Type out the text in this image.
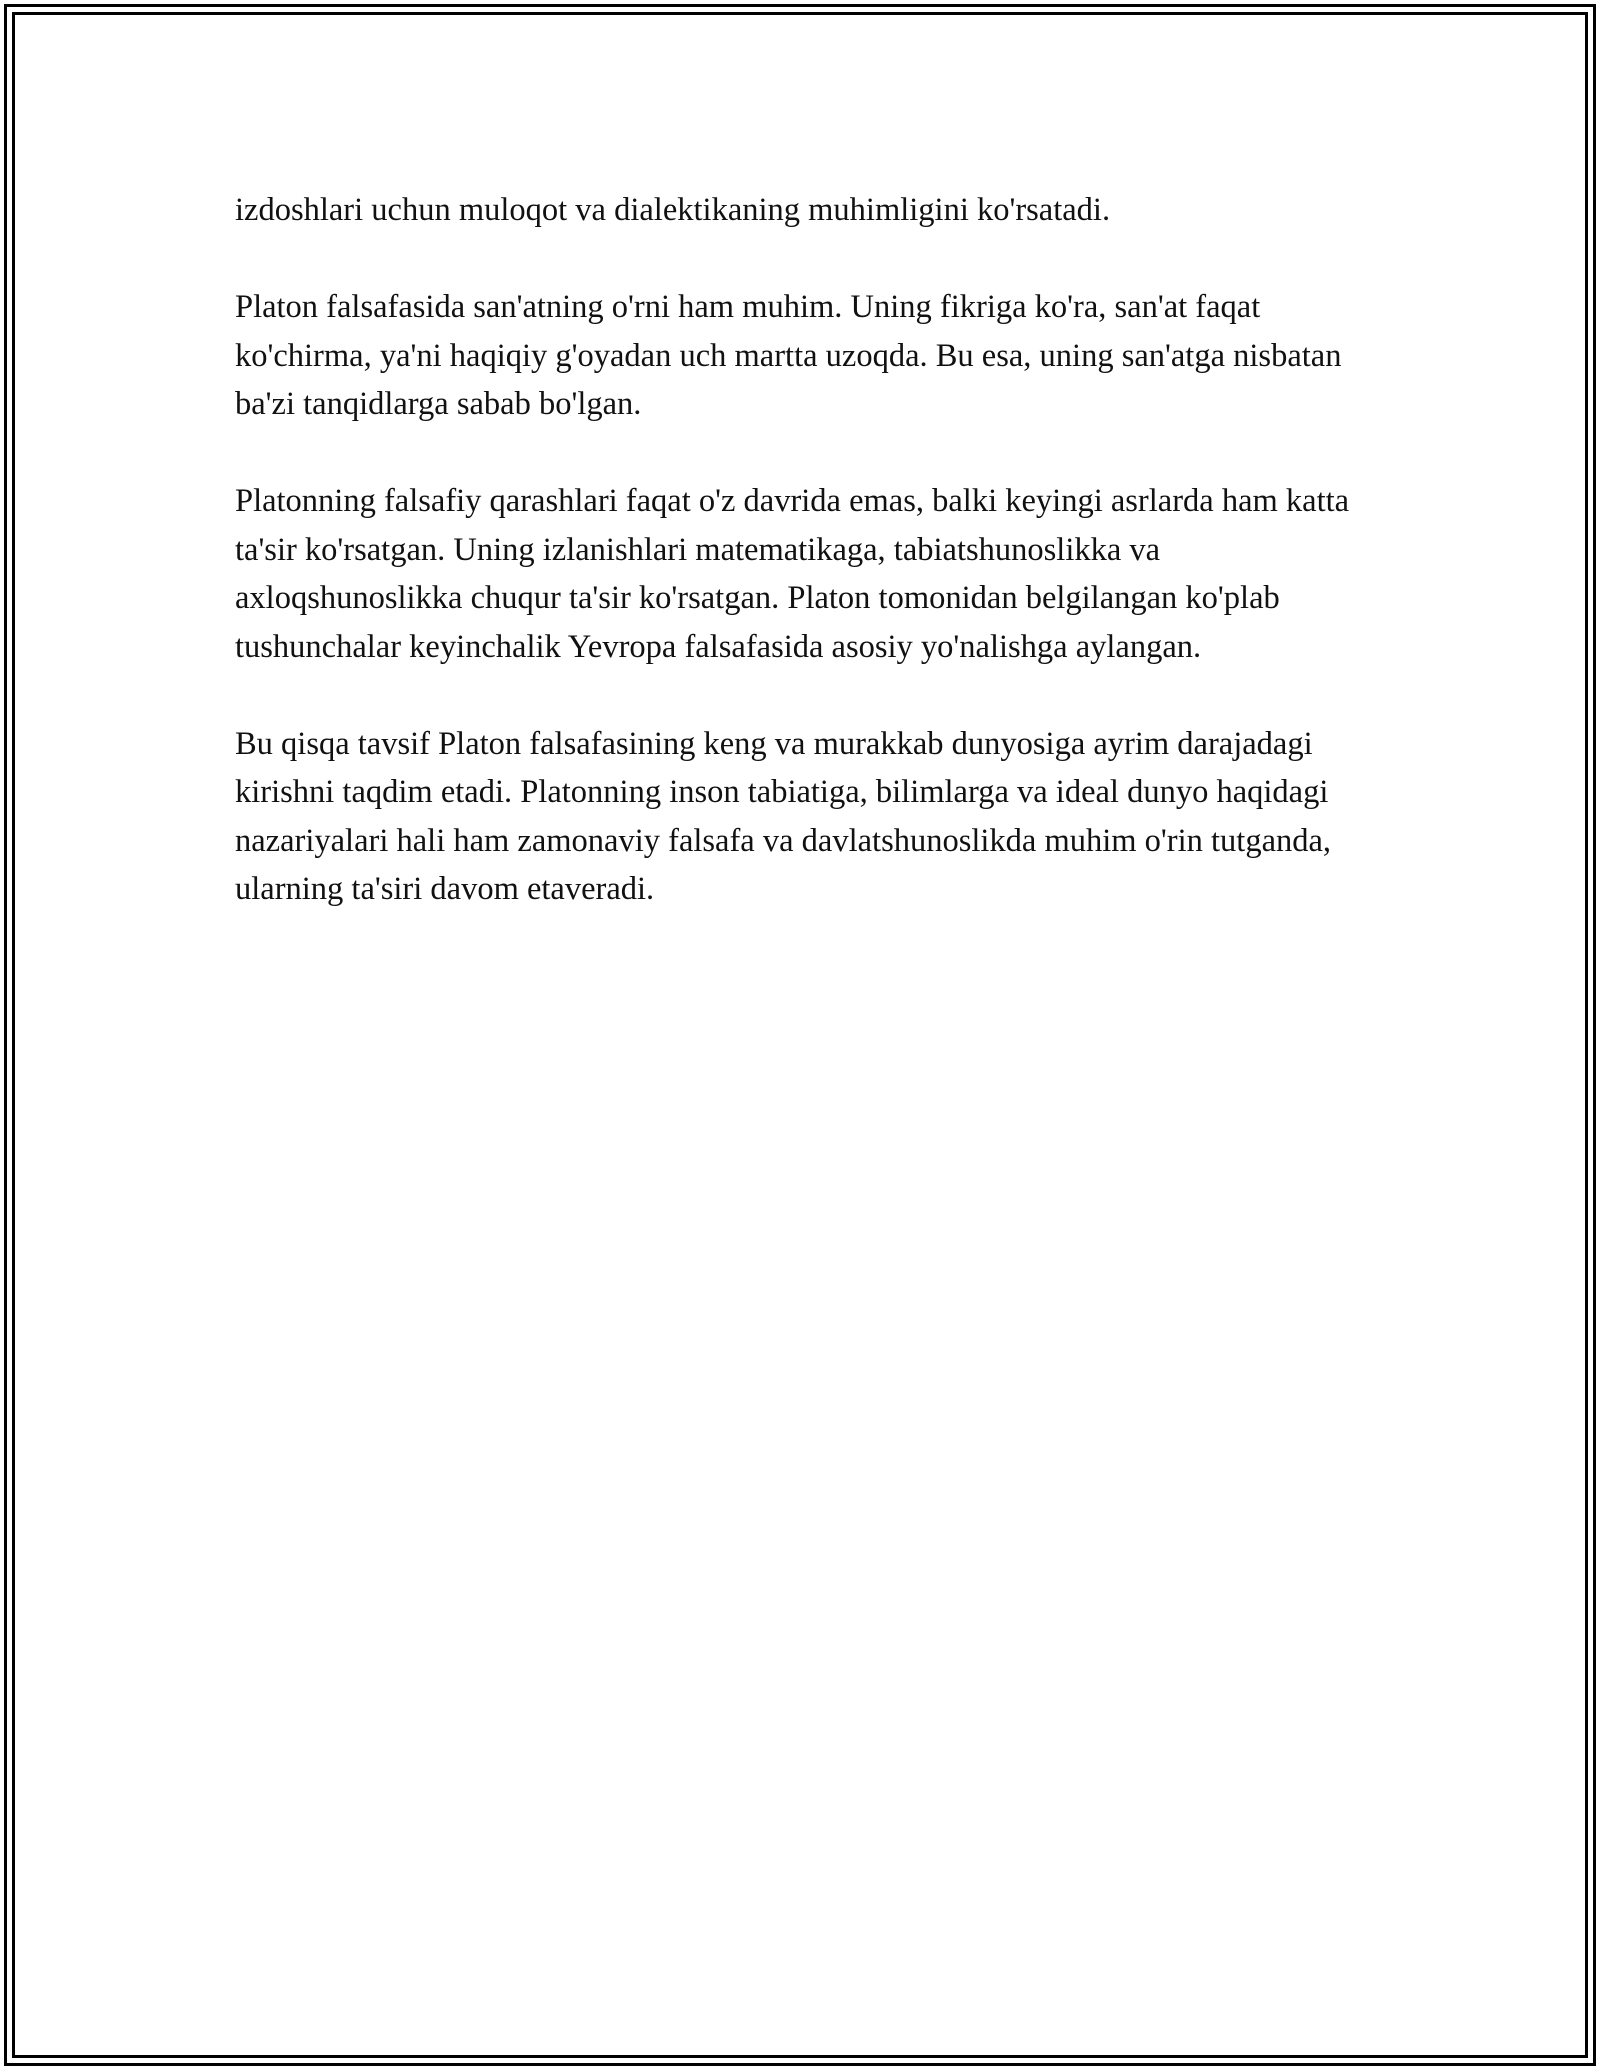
izdoshlari uchun muloqot va dialektikaning muhimligini ko'rsatadi.

Platon falsafasida san'atning o'rni ham muhim. Uning fikriga ko'ra, san'at faqat ko'chirma, ya'ni haqiqiy g'oyadan uch martta uzoqda. Bu esa, uning san'atga nisbatan ba'zi tanqidlarga sabab bo'lgan.

Platonning falsafiy qarashlari faqat o'z davrida emas, balki keyingi asrlarda ham katta ta'sir ko'rsatgan. Uning izlanishlari matematikaga, tabiatshunoslikka va axloqshunoslikka chuqur ta'sir ko'rsatgan. Platon tomonidan belgilangan ko'plab tushunchalar keyinchalik Yevropa falsafasida asosiy yo'nalishga aylangan.

Bu qisqa tavsif Platon falsafasining keng va murakkab dunyosiga ayrim darajadagi kirishni taqdim etadi. Platonning inson tabiatiga, bilimlarga va ideal dunyo haqidagi nazariyalari hali ham zamonaviy falsafa va davlatshunoslikda muhim o'rin tutganda, ularning ta'siri davom etaveradi.
